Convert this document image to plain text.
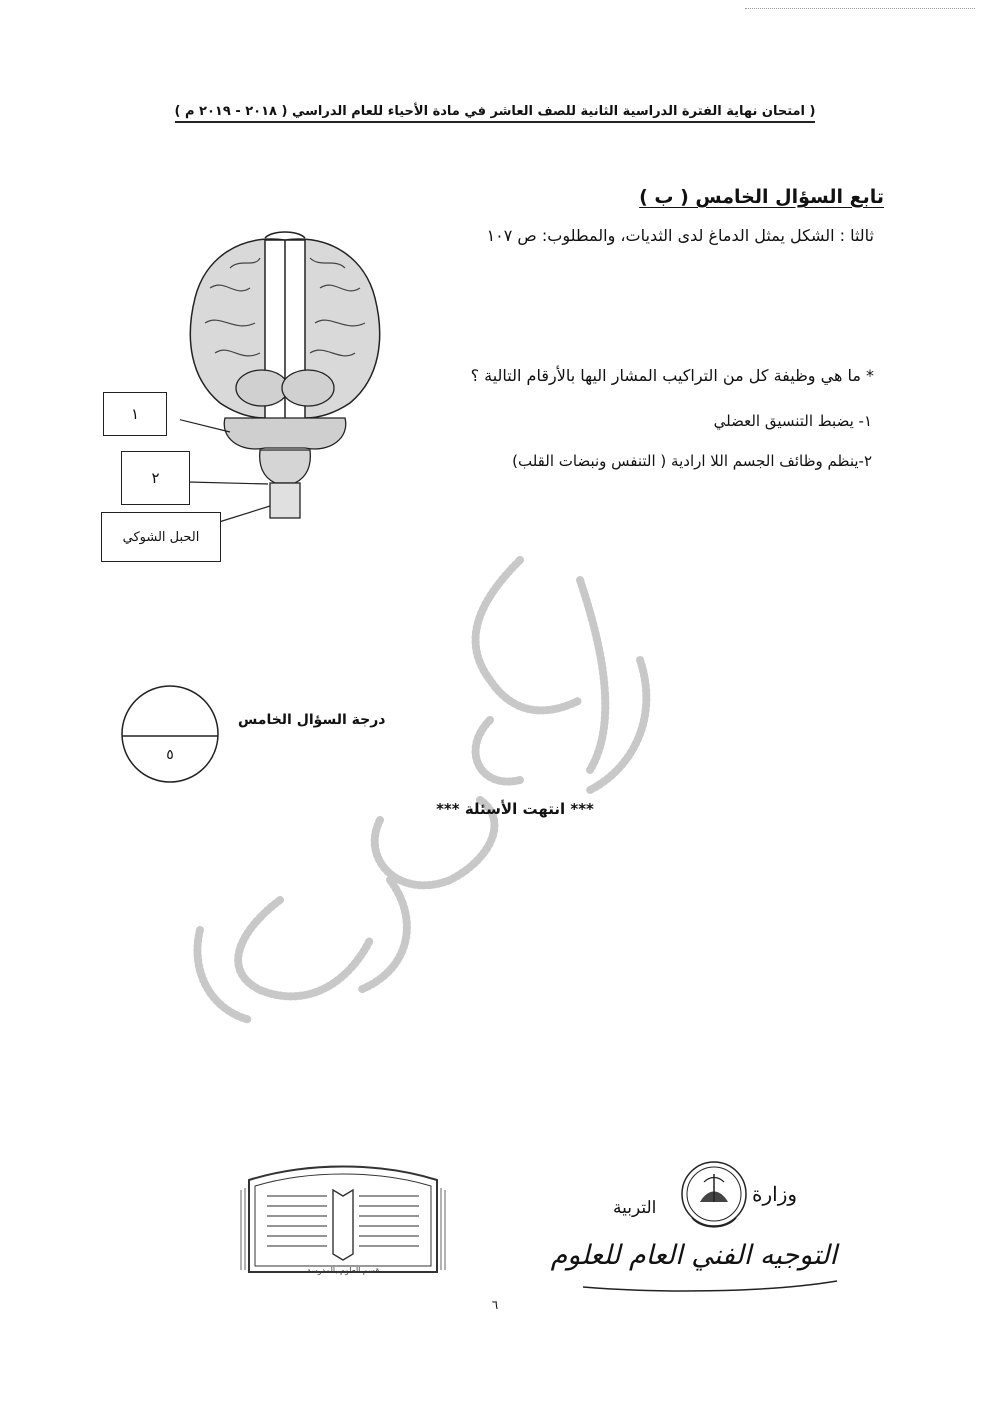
( امتحان نهاية الفترة الدراسية الثانية للصف العاشر في مادة الأحياء للعام الدراسي ( ٢٠١٨ - ٢٠١٩ م )
تابع السؤال الخامس ( ب )
ثالثا : الشكل يمثل الدماغ لدى الثديات، والمطلوب: ص ١٠٧
* ما هي وظيفة كل من التراكيب المشار اليها بالأرقام التالية ؟
١- يضبط التنسيق العضلي
٢-ينظم وظائف الجسم اللا ارادية ( التنفس ونبضات القلب)
١
٢
الحبل الشوكي
درجة السؤال الخامس
٥
*** انتهت الأسئلة ***
قسم العلوم بالمدرسة
وزارة
التربية
التوجيه الفني العام للعلوم
٦
